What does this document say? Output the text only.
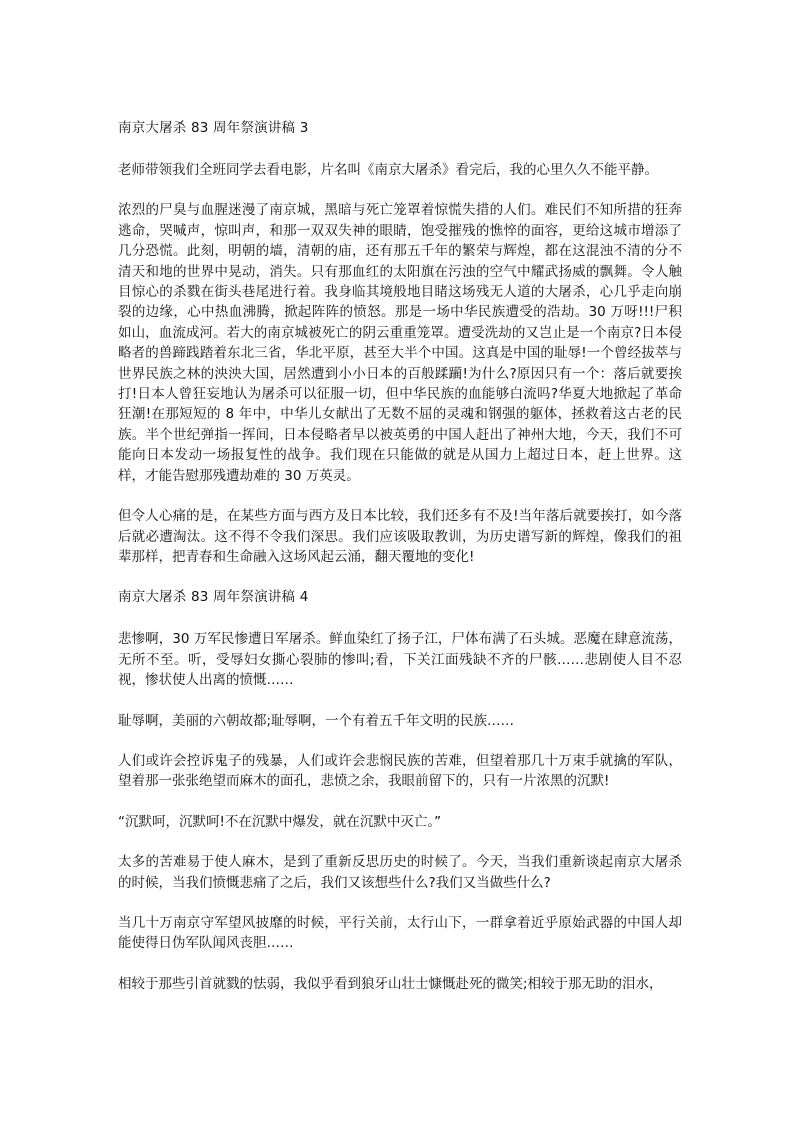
南京大屠杀 83 周年祭演讲稿 3

老师带领我们全班同学去看电影，片名叫《南京大屠杀》看完后，我的心里久久不能平静。

浓烈的尸臭与血腥迷漫了南京城，黑暗与死亡笼罩着惊慌失措的人们。难民们不知所措的狂奔逃命，哭喊声，惊叫声，和那一双双失神的眼睛，饱受摧残的憔悴的面容，更给这城市增添了几分恐慌。此刻，明朝的墙，清朝的庙，还有那五千年的繁荣与辉煌，都在这混浊不清的分不清天和地的世界中晃动，消失。只有那血红的太阳旗在污浊的空气中耀武扬威的飘舞。令人触目惊心的杀戮在街头巷尾进行着。我身临其境般地目睹这场残无人道的大屠杀，心几乎走向崩裂的边缘，心中热血沸腾，掀起阵阵的愤怒。那是一场中华民族遭受的浩劫。30 万呀!!!尸积如山，血流成河。若大的南京城被死亡的阴云重重笼罩。遭受洗劫的又岂止是一个南京?日本侵略者的兽蹄践踏着东北三省，华北平原，甚至大半个中国。这真是中国的耻辱!一个曾经拔萃与世界民族之林的泱泱大国，居然遭到小小日本的百般蹂躏!为什么?原因只有一个：落后就要挨打!日本人曾狂妄地认为屠杀可以征服一切，但中华民族的血能够白流吗?华夏大地掀起了革命狂潮!在那短短的 8 年中，中华儿女献出了无数不屈的灵魂和钢强的躯体，拯救着这古老的民族。半个世纪弹指一挥间，日本侵略者早以被英勇的中国人赶出了神州大地，今天，我们不可能向日本发动一场报复性的战争。我们现在只能做的就是从国力上超过日本，赶上世界。这样，才能告慰那残遭劫难的 30 万英灵。

但令人心痛的是，在某些方面与西方及日本比较，我们还多有不及!当年落后就要挨打，如今落后就必遭淘汰。这不得不令我们深思。我们应该吸取教训，为历史谱写新的辉煌，像我们的祖辈那样，把青春和生命融入这场风起云涌，翻天覆地的变化!

南京大屠杀 83 周年祭演讲稿 4

悲惨啊，30 万军民惨遭日军屠杀。鲜血染红了扬子江，尸体布满了石头城。恶魔在肆意流荡，无所不至。听，受辱妇女撕心裂肺的惨叫;看，下关江面残缺不齐的尸骸……悲剧使人目不忍视，惨状使人出离的愤慨……

耻辱啊，美丽的六朝故都;耻辱啊，一个有着五千年文明的民族……

人们或许会控诉鬼子的残暴，人们或许会悲悯民族的苦难，但望着那几十万束手就擒的军队，望着那一张张绝望而麻木的面孔，悲愤之余，我眼前留下的，只有一片浓黑的沉默!

“沉默呵，沉默呵!不在沉默中爆发，就在沉默中灭亡。”

太多的苦难易于使人麻木，是到了重新反思历史的时候了。今天，当我们重新谈起南京大屠杀的时候，当我们愤慨悲痛了之后，我们又该想些什么?我们又当做些什么?

当几十万南京守军望风披靡的时候，平行关前，太行山下，一群拿着近乎原始武器的中国人却能使得日伪军队闻风丧胆……

相较于那些引首就戮的怯弱，我似乎看到狼牙山壮士慷慨赴死的微笑;相较于那无助的泪水，
